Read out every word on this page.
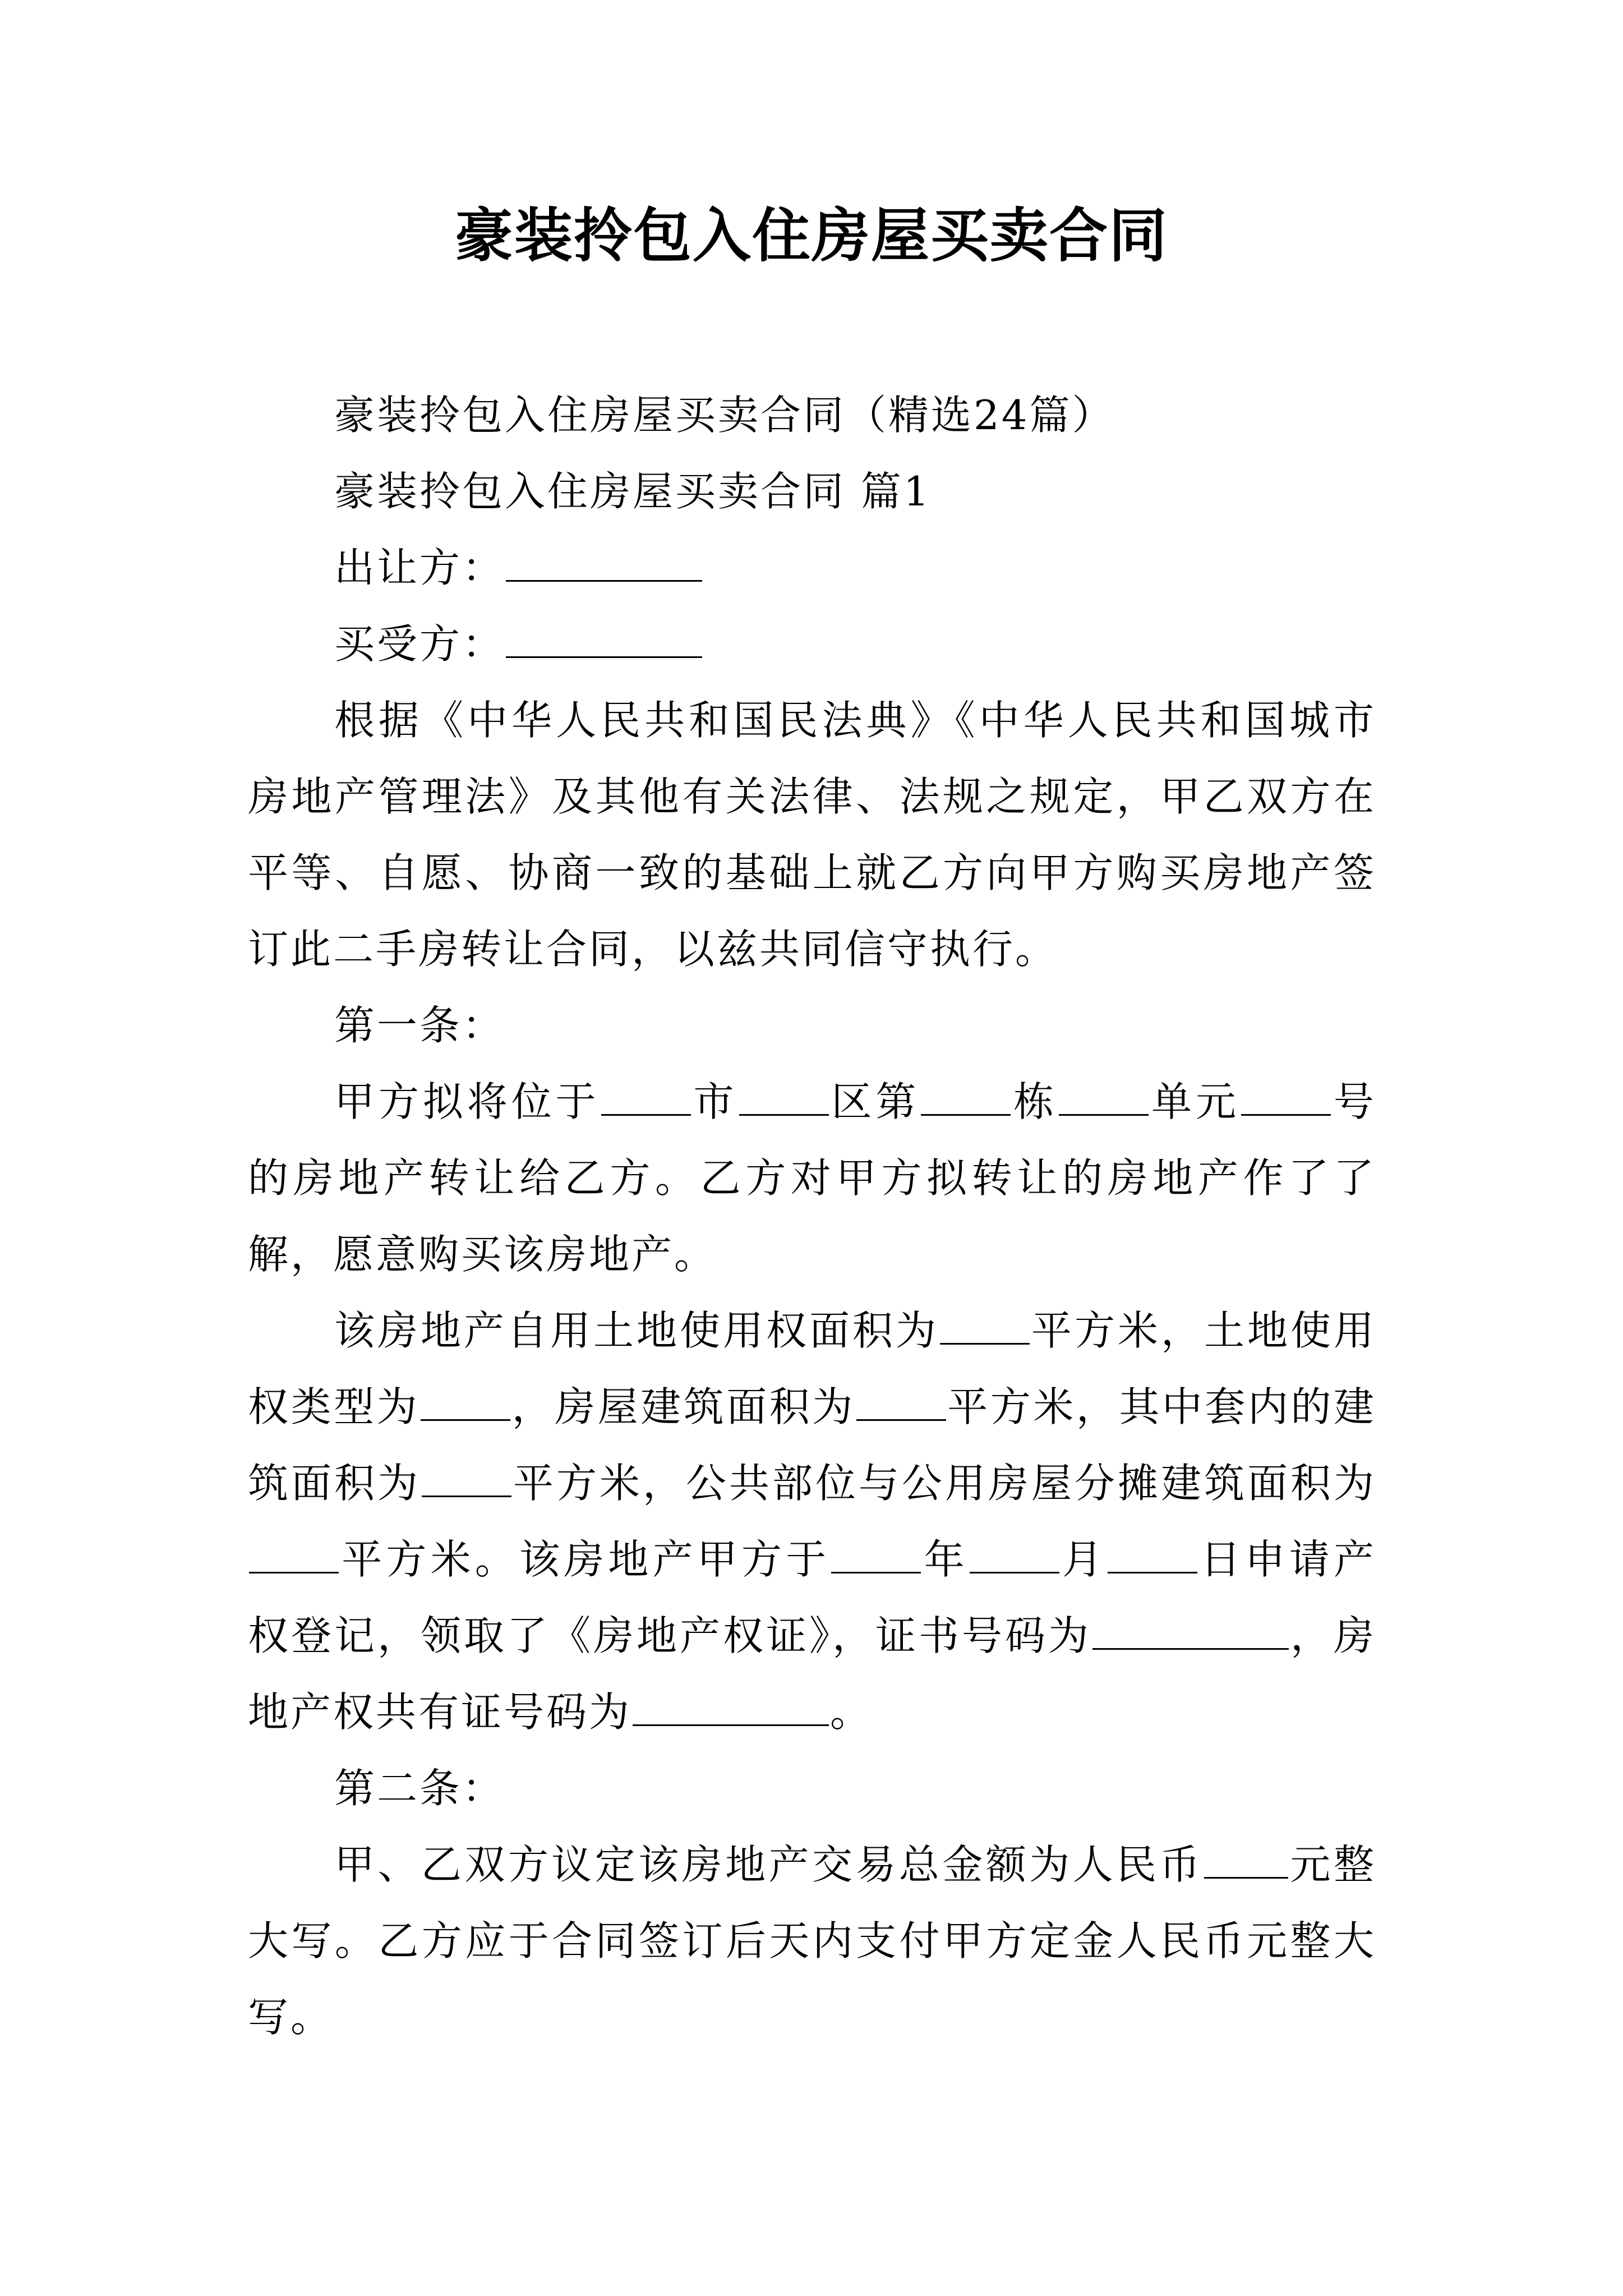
豪装拎包入住房屋买卖合同

豪装拎包入住房屋买卖合同（精选24篇）

豪装拎包入住房屋买卖合同 篇1

出让方：

买受方：

根据《中华人民共和国民法典》《中华人民共和国城市房地产管理法》及其他有关法律、法规之规定，甲乙双方在平等、自愿、协商一致的基础上就乙方向甲方购买房地产签订此二手房转让合同，以兹共同信守执行。

第一条：

甲方拟将位于 市 区第 栋 单元 号的房地产转让给乙方。乙方对甲方拟转让的房地产作了了解，愿意购买该房地产。

该房地产自用土地使用权面积为 平方米，土地使用权类型为 ，房屋建筑面积为 平方米，其中套内的建筑面积为 平方米，公共部位与公用房屋分摊建筑面积为平方米。该房地产甲方于 年 月 日申请产权登记，领取了《房地产权证》，证书号码为	，房地产权共有证号码为	。

第二条：

甲、乙双方议定该房地产交易总金额为人民币 元整大写。乙方应于合同签订后天内支付甲方定金人民币元整大写。
